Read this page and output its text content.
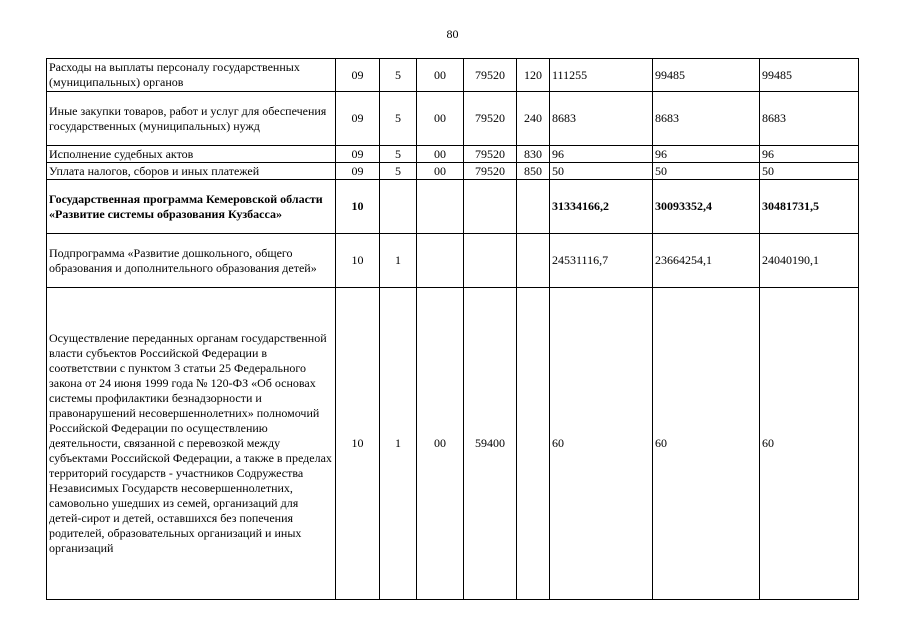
80
Расходы на выплаты персоналу государственных (муниципальных) органов	09	5	00	79520	120	111255	99485	99485
Иные закупки товаров, работ и услуг для обеспечения государственных (муниципальных) нужд	09	5	00	79520	240	8683	8683	8683
Исполнение судебных актов	09	5	00	79520	830	96	96	96
Уплата налогов, сборов и иных платежей	09	5	00	79520	850	50	50	50
Государственная программа Кемеровской области «Развитие системы образования Кузбасса»	10					31334166,2	30093352,4	30481731,5
Подпрограмма «Развитие дошкольного, общего образования и дополнительного образования детей»	10	1				24531116,7	23664254,1	24040190,1
Осуществление переданных органам государственной власти субъектов Российской Федерации в соответствии с пунктом 3 статьи 25 Федерального закона от 24 июня 1999 года № 120-ФЗ «Об основах системы профилактики безнадзорности и правонарушений несовершеннолетних» полномочий Российской Федерации по осуществлению деятельности, связанной с перевозкой между субъектами Российской Федерации, а также в пределах территорий государств - участников Содружества Независимых Государств несовершеннолетних, самовольно ушедших из семей, организаций для детей-сирот и детей, оставшихся без попечения родителей, образовательных организаций и иных организаций	10	1	00	59400		60	60	60
